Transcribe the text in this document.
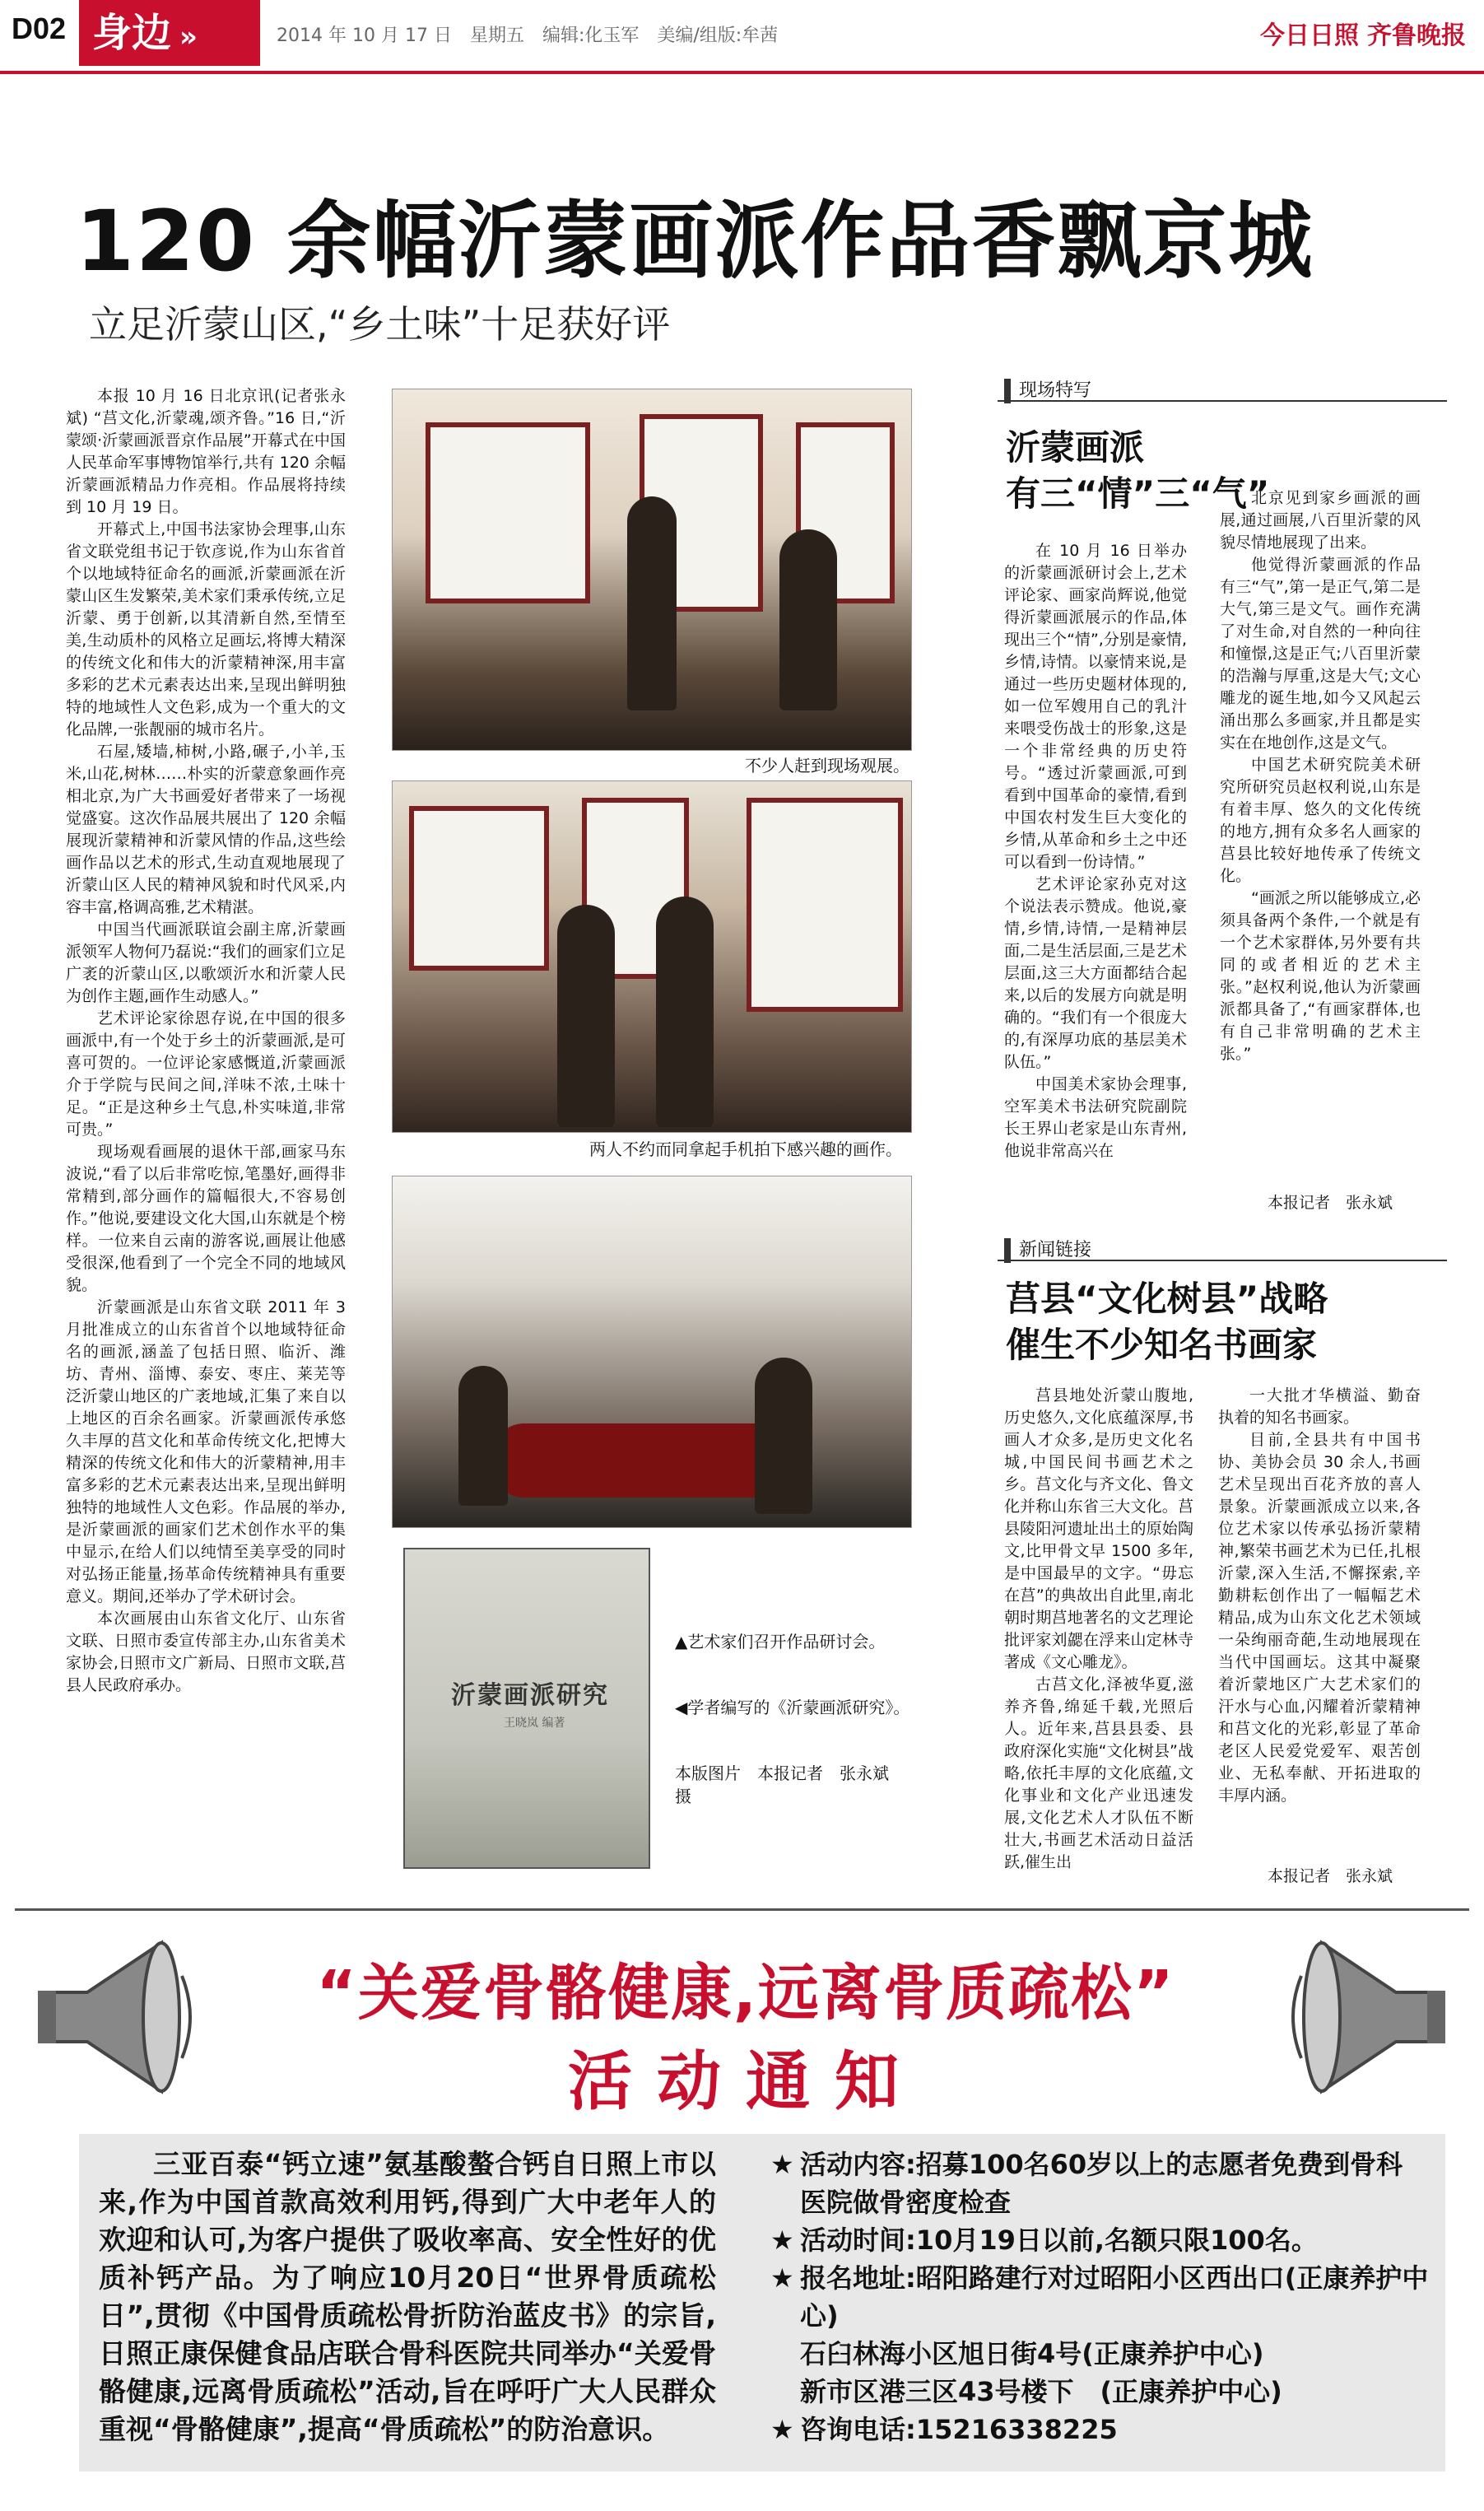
D02 身边 »	2014 年 10 月 17 日　星期五　编辑:化玉军　美编/组版:牟茜	今日日照 齐鲁晚报
120 余幅沂蒙画派作品香飘京城
立足沂蒙山区,“乡土味”十足获好评

本报 10 月 16 日北京讯(记者张永斌) “莒文化,沂蒙魂,颂齐鲁。”16 日,“沂蒙颂·沂蒙画派晋京作品展”开幕式在中国人民革命军事博物馆举行,共有 120 余幅沂蒙画派精品力作亮相。作品展将持续到 10 月 19 日。

开幕式上,中国书法家协会理事,山东省文联党组书记于钦彦说,作为山东省首个以地域特征命名的画派,沂蒙画派在沂蒙山区生发繁荣,美术家们秉承传统,立足沂蒙、勇于创新,以其清新自然,至情至美,生动质朴的风格立足画坛,将博大精深的传统文化和伟大的沂蒙精神深,用丰富多彩的艺术元素表达出来,呈现出鲜明独特的地域性人文色彩,成为一个重大的文化品牌,一张靓丽的城市名片。

石屋,矮墙,柿树,小路,碾子,小羊,玉米,山花,树林……朴实的沂蒙意象画作亮相北京,为广大书画爱好者带来了一场视觉盛宴。这次作品展共展出了 120 余幅展现沂蒙精神和沂蒙风情的作品,这些绘画作品以艺术的形式,生动直观地展现了沂蒙山区人民的精神风貌和时代风采,内容丰富,格调高雅,艺术精湛。

中国当代画派联谊会副主席,沂蒙画派领军人物何乃磊说:“我们的画家们立足广袤的沂蒙山区,以歌颂沂水和沂蒙人民为创作主题,画作生动感人。”

艺术评论家徐恩存说,在中国的很多画派中,有一个处于乡土的沂蒙画派,是可喜可贺的。一位评论家感慨道,沂蒙画派介于学院与民间之间,洋味不浓,土味十足。“正是这种乡土气息,朴实味道,非常可贵。”

现场观看画展的退休干部,画家马东波说,“看了以后非常吃惊,笔墨好,画得非常精到,部分画作的篇幅很大,不容易创作。”他说,要建设文化大国,山东就是个榜样。一位来自云南的游客说,画展让他感受很深,他看到了一个完全不同的地域风貌。

沂蒙画派是山东省文联 2011 年 3 月批准成立的山东省首个以地域特征命名的画派,涵盖了包括日照、临沂、潍坊、青州、淄博、泰安、枣庄、莱芜等泛沂蒙山地区的广袤地域,汇集了来自以上地区的百余名画家。沂蒙画派传承悠久丰厚的莒文化和革命传统文化,把博大精深的传统文化和伟大的沂蒙精神,用丰富多彩的艺术元素表达出来,呈现出鲜明独特的地域性人文色彩。作品展的举办,是沂蒙画派的画家们艺术创作水平的集中显示,在给人们以纯情至美享受的同时对弘扬正能量,扬革命传统精神具有重要意义。期间,还举办了学术研讨会。

本次画展由山东省文化厅、山东省文联、日照市委宣传部主办,山东省美术家协会,日照市文广新局、日照市文联,莒县人民政府承办。

不少人赶到现场观展。
两人不约而同拿起手机拍下感兴趣的画作。
沂蒙画派研究
王晓岚 编著
▲艺术家们召开作品研讨会。
◀学者编写的《沂蒙画派研究》。
本版图片　本报记者　张永斌　摄
现场特写
沂蒙画派
有三“情”三“气”

在 10 月 16 日举办的沂蒙画派研讨会上,艺术评论家、画家尚辉说,他觉得沂蒙画派展示的作品,体现出三个“情”,分别是豪情,乡情,诗情。以豪情来说,是通过一些历史题材体现的,如一位军嫂用自己的乳汁来喂受伤战士的形象,这是一个非常经典的历史符号。“透过沂蒙画派,可到看到中国革命的豪情,看到中国农村发生巨大变化的乡情,从革命和乡土之中还可以看到一份诗情。”

艺术评论家孙克对这个说法表示赞成。他说,豪情,乡情,诗情,一是精神层面,二是生活层面,三是艺术层面,这三大方面都结合起来,以后的发展方向就是明确的。“我们有一个很庞大的,有深厚功底的基层美术队伍。”

中国美术家协会理事,空军美术书法研究院副院长王界山老家是山东青州,他说非常高兴在

北京见到家乡画派的画展,通过画展,八百里沂蒙的风貌尽情地展现了出来。

他觉得沂蒙画派的作品有三“气”,第一是正气,第二是大气,第三是文气。画作充满了对生命,对自然的一种向往和憧憬,这是正气;八百里沂蒙的浩瀚与厚重,这是大气;文心雕龙的诞生地,如今又风起云涌出那么多画家,并且都是实实在在地创作,这是文气。

中国艺术研究院美术研究所研究员赵权利说,山东是有着丰厚、悠久的文化传统的地方,拥有众多名人画家的莒县比较好地传承了传统文化。

“画派之所以能够成立,必须具备两个条件,一个就是有一个艺术家群体,另外要有共同的或者相近的艺术主张。”赵权利说,他认为沂蒙画派都具备了,“有画家群体,也有自己非常明确的艺术主张。”

本报记者　张永斌
新闻链接
莒县“文化树县”战略
催生不少知名书画家

莒县地处沂蒙山腹地,历史悠久,文化底蕴深厚,书画人才众多,是历史文化名城,中国民间书画艺术之乡。莒文化与齐文化、鲁文化并称山东省三大文化。莒县陵阳河遗址出土的原始陶文,比甲骨文早 1500 多年,是中国最早的文字。“毋忘在莒”的典故出自此里,南北朝时期莒地著名的文艺理论批评家刘勰在浮来山定林寺著成《文心雕龙》。

古莒文化,泽被华夏,滋养齐鲁,绵延千载,光照后人。近年来,莒县县委、县政府深化实施“文化树县”战略,依托丰厚的文化底蕴,文化事业和文化产业迅速发展,文化艺术人才队伍不断壮大,书画艺术活动日益活跃,催生出

一大批才华横溢、勤奋执着的知名书画家。

目前,全县共有中国书协、美协会员 30 余人,书画艺术呈现出百花齐放的喜人景象。沂蒙画派成立以来,各位艺术家以传承弘扬沂蒙精神,繁荣书画艺术为已任,扎根沂蒙,深入生活,不懈探索,辛勤耕耘创作出了一幅幅艺术精品,成为山东文化艺术领域一朵绚丽奇葩,生动地展现在当代中国画坛。这其中凝聚着沂蒙地区广大艺术家们的汗水与心血,闪耀着沂蒙精神和莒文化的光彩,彰显了革命老区人民爱党爱军、艰苦创业、无私奉献、开拓进取的丰厚内涵。

本报记者　张永斌
“关爱骨骼健康,远离骨质疏松”
活动通知
三亚百泰“钙立速”氨基酸螯合钙自日照上市以来,作为中国首款高效利用钙,得到广大中老年人的欢迎和认可,为客户提供了吸收率高、安全性好的优质补钙产品。为了响应10月20日“世界骨质疏松日”,贯彻《中国骨质疏松骨折防治蓝皮书》的宗旨,日照正康保健食品店联合骨科医院共同举办“关爱骨骼健康,远离骨质疏松”活动,旨在呼吁广大人民群众重视“骨骼健康”,提高“骨质疏松”的防治意识。
★ 活动内容:招募100名60岁以上的志愿者免费到骨科医院做骨密度检查
★ 活动时间:10月19日以前,名额只限100名。
★ 报名地址:昭阳路建行对过昭阳小区西出口(正康养护中心)
石臼林海小区旭日街4号(正康养护中心)
新市区港三区43号楼下　(正康养护中心)
★ 咨询电话:15216338225
